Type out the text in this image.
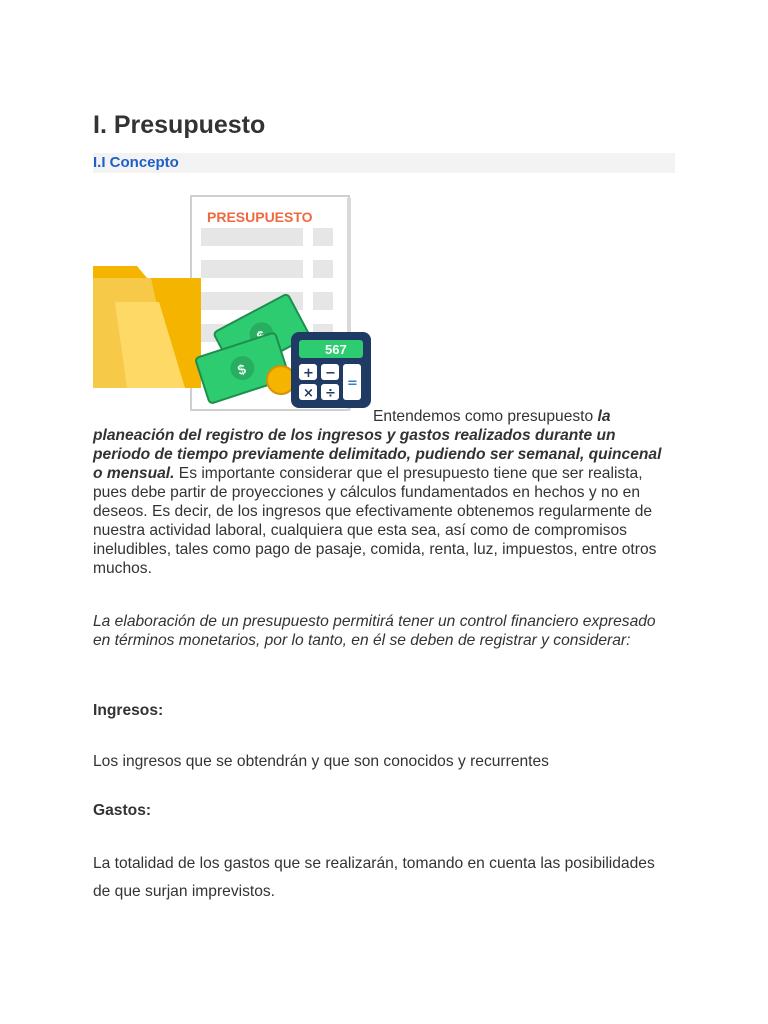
I. Presupuesto
I.I Concepto
PRESUPUESTO
$
567
+ −
× ÷
=

Entendemos como presupuesto la
planeación del registro de los ingresos y gastos realizados durante un periodo de tiempo previamente delimitado, pudiendo ser semanal, quincenal o mensual. Es importante considerar que el presupuesto tiene que ser realista, pues debe partir de proyecciones y cálculos fundamentados en hechos y no en deseos. Es decir, de los ingresos que efectivamente obtenemos regularmente de nuestra actividad laboral, cualquiera que esta sea, así como de compromisos ineludibles, tales como pago de pasaje, comida, renta, luz, impuestos, entre otros muchos.

La elaboración de un presupuesto permitirá tener un control financiero expresado en términos monetarios, por lo tanto, en él se deben de registrar y considerar:

Ingresos:

Los ingresos que se obtendrán y que son conocidos y recurrentes

Gastos:

La totalidad de los gastos que se realizarán, tomando en cuenta las posibilidades de que surjan imprevistos.
